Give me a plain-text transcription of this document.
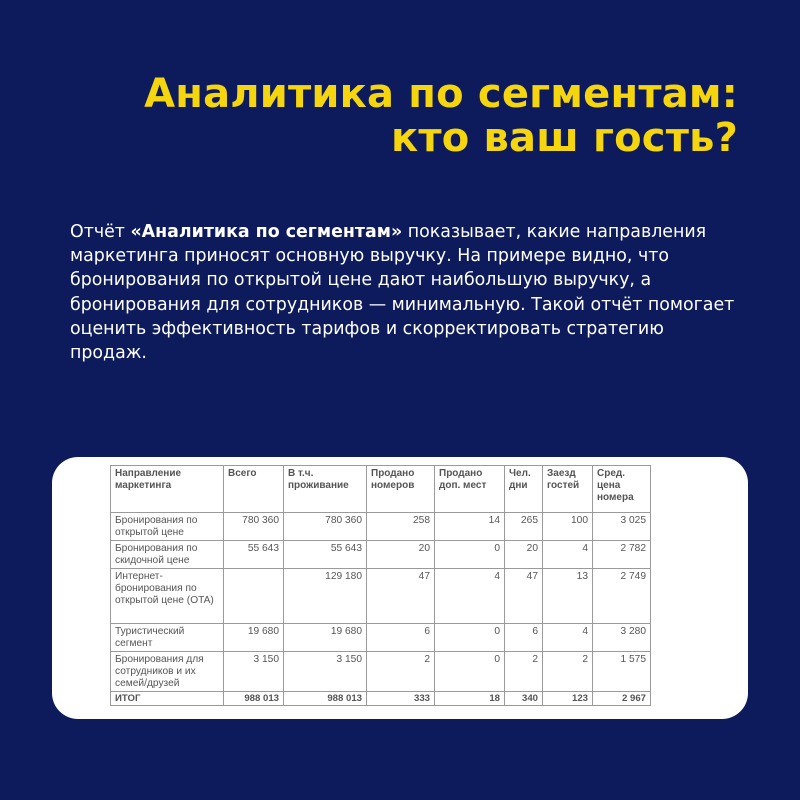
Аналитика по сегментам:
кто ваш гость?
Отчёт «Аналитика по сегментам» показывает, какие направления маркетинга приносят основную выручку. На примере видно, что бронирования по открытой цене дают наибольшую выручку, а бронирования для сотрудников — минимальную. Такой отчёт помогает оценить эффективность тарифов и скорректировать стратегию продаж.
Направление маркетинга	Всего	В т.ч. проживание	Продано номеров	Продано доп. мест	Чел. дни	Заезд гостей	Сред. цена номера
Бронирования по открытой цене	780 360	780 360	258	14	265	100	3 025
Бронирования по скидочной цене	55 643	55 643	20	0	20	4	2 782
Интернет-бронирования по открытой цене (OTA)		129 180	47	4	47	13	2 749
Туристический сегмент	19 680	19 680	6	0	6	4	3 280
Бронирования для сотрудников и их семей/друзей	3 150	3 150	2	0	2	2	1 575
ИТОГ	988 013	988 013	333	18	340	123	2 967
